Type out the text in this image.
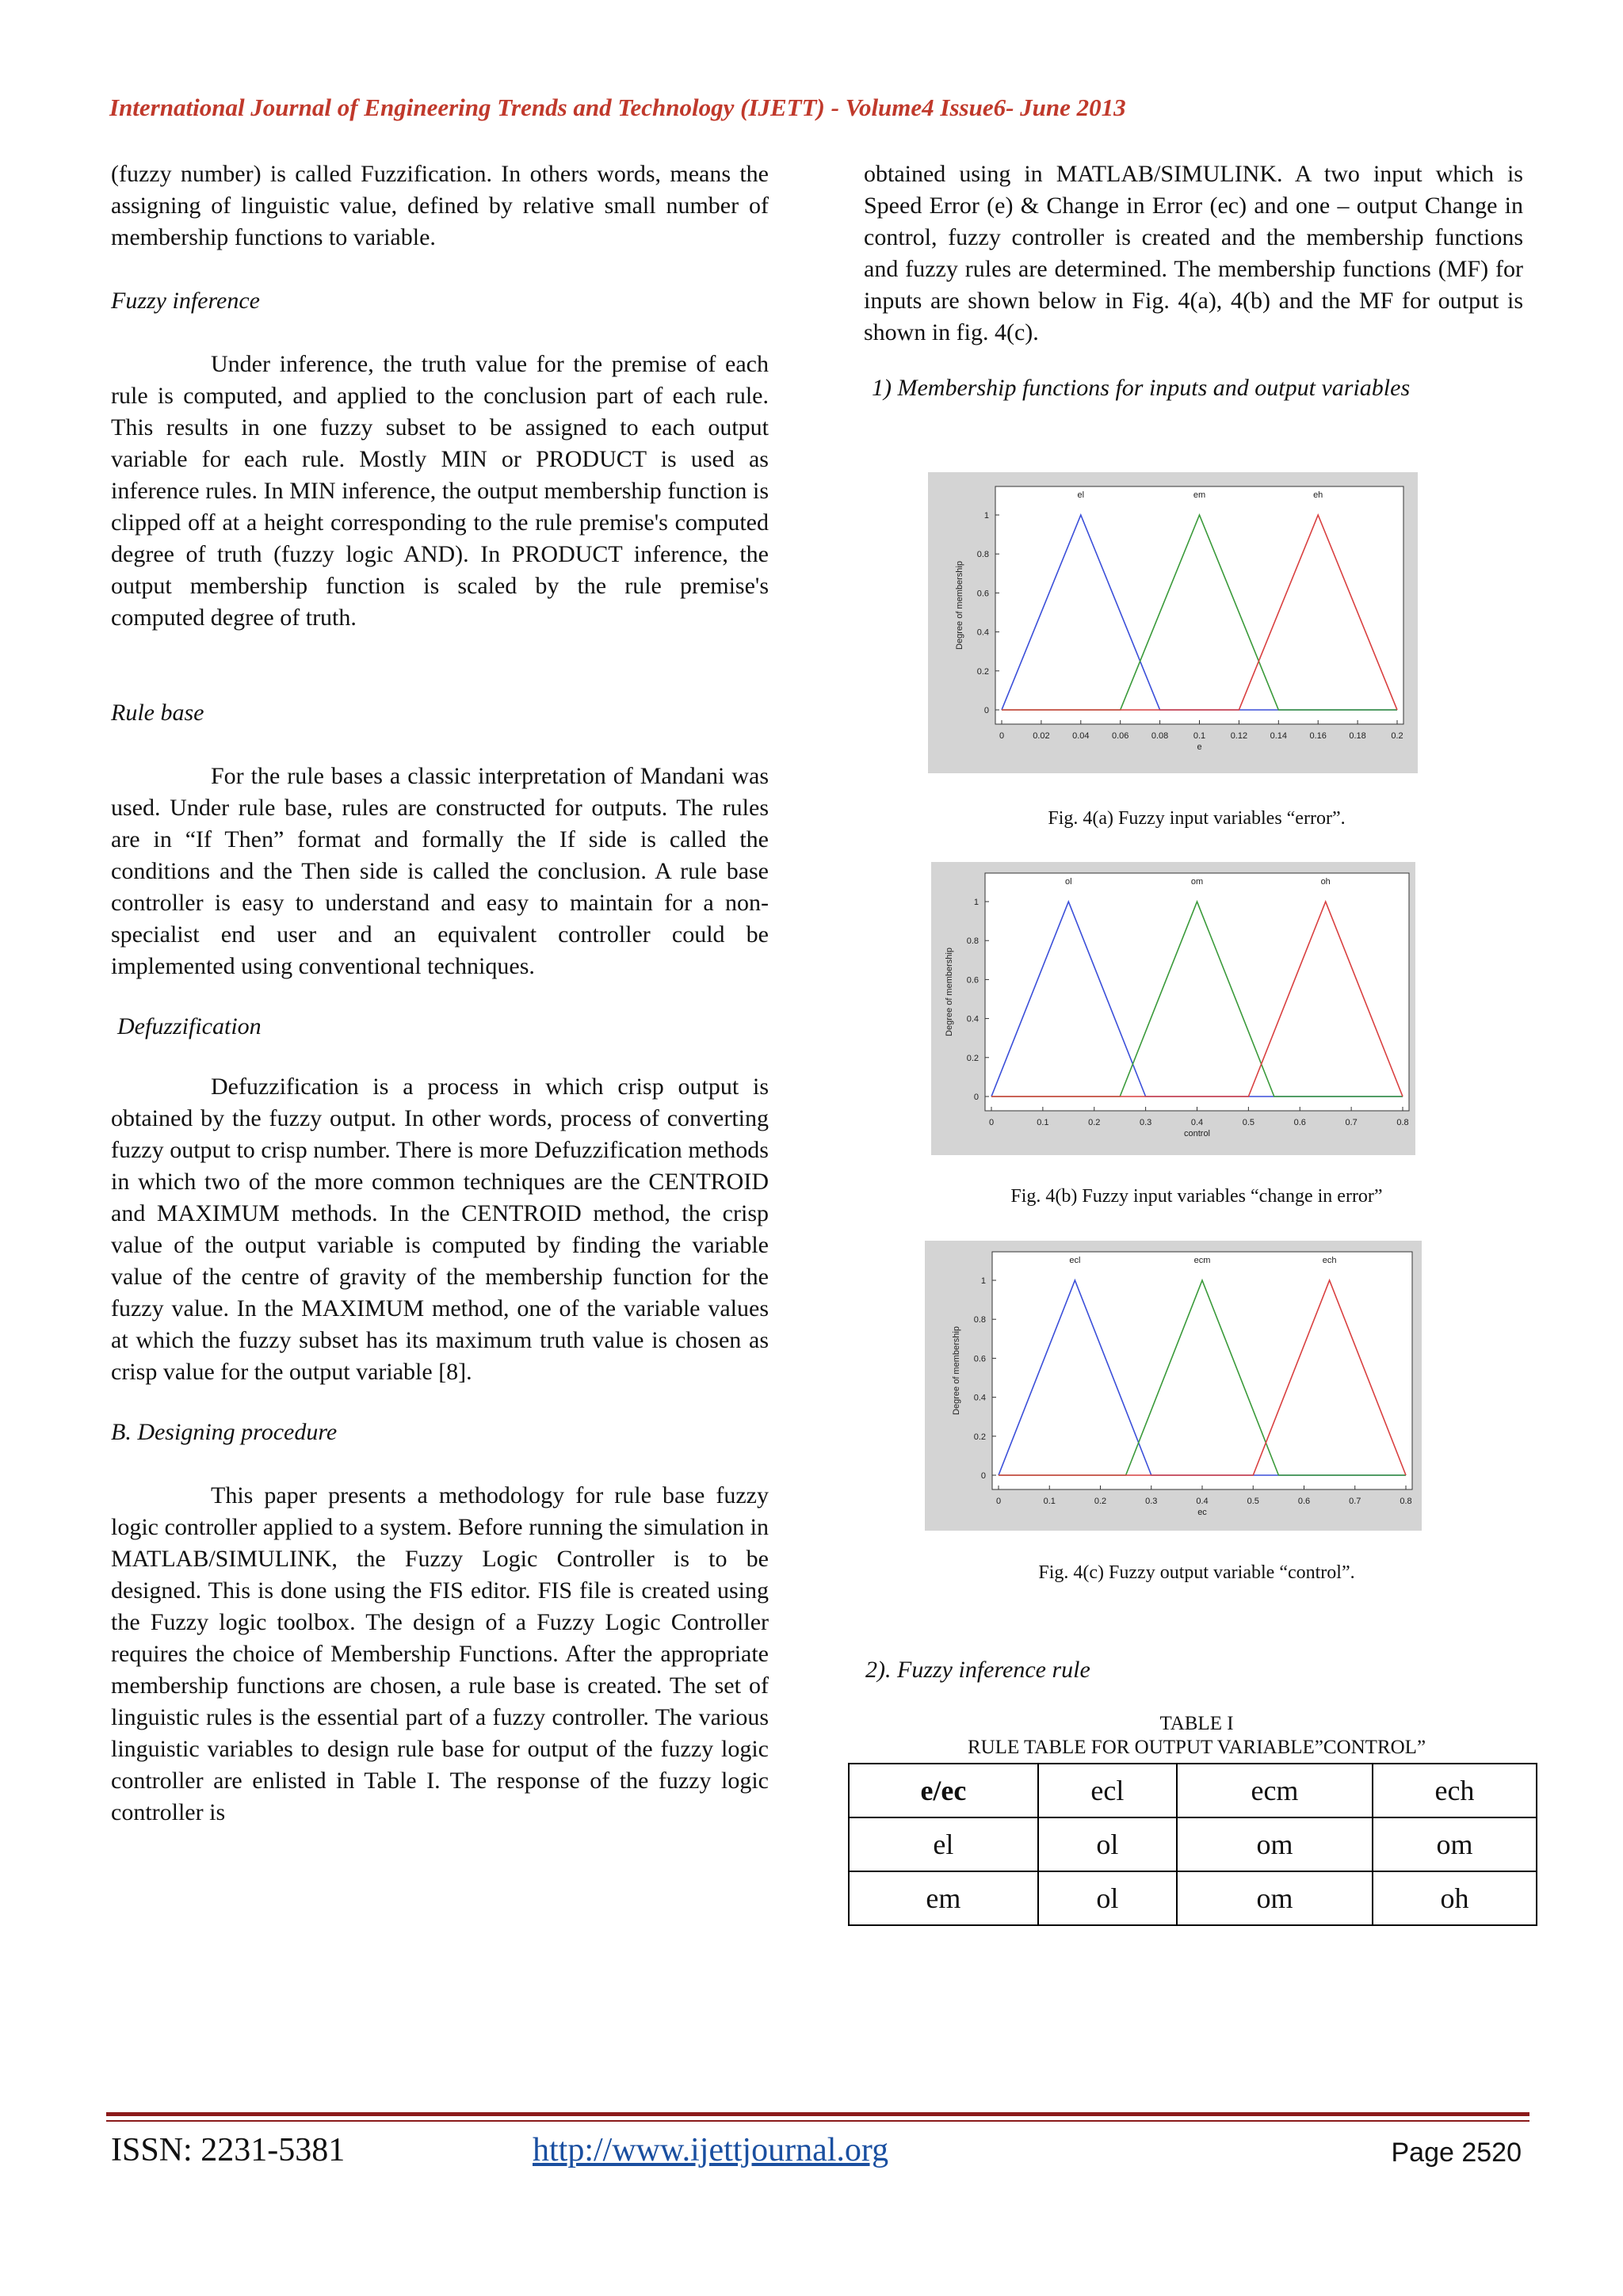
International Journal of Engineering Trends and Technology (IJETT) - Volume4 Issue6- June 2013

(fuzzy number) is called Fuzzification. In others words, means the assigning of linguistic value, defined by relative small number of membership functions to variable.

Fuzzy inference

Under inference, the truth value for the premise of each rule is computed, and applied to the conclusion part of each rule. This results in one fuzzy subset to be assigned to each output variable for each rule. Mostly MIN or PRODUCT is used as inference rules. In MIN inference, the output membership function is clipped off at a height corresponding to the rule premise's computed degree of truth (fuzzy logic AND). In PRODUCT inference, the output membership function is scaled by the rule premise's computed degree of truth.

Rule base

For the rule bases a classic interpretation of Mandani was used. Under rule base, rules are constructed for outputs. The rules are in “If Then” format and formally the If side is called the conditions and the Then side is called the conclusion. A rule base controller is easy to understand and easy to maintain for a non- specialist end user and an equivalent controller could be implemented using conventional techniques.

Defuzzification

Defuzzification is a process in which crisp output is obtained by the fuzzy output. In other words, process of converting fuzzy output to crisp number. There is more Defuzzification methods in which two of the more common techniques are the CENTROID and MAXIMUM methods. In the CENTROID method, the crisp value of the output variable is computed by finding the variable value of the centre of gravity of the membership function for the fuzzy value. In the MAXIMUM method, one of the variable values at which the fuzzy subset has its maximum truth value is chosen as crisp value for the output variable [8].

B. Designing procedure

This paper presents a methodology for rule base fuzzy logic controller applied to a system. Before running the simulation in MATLAB/SIMULINK, the Fuzzy Logic Controller is to be designed. This is done using the FIS editor. FIS file is created using the Fuzzy logic toolbox. The design of a Fuzzy Logic Controller requires the choice of Membership Functions. After the appropriate membership functions are chosen, a rule base is created. The set of linguistic rules is the essential part of a fuzzy controller. The various linguistic variables to design rule base for output of the fuzzy logic controller are enlisted in Table I. The response of the fuzzy logic controller is

obtained using in MATLAB/SIMULINK. A two input which is Speed Error (e) & Change in Error (ec) and one – output Change in control, fuzzy controller is created and the membership functions and fuzzy rules are determined. The membership functions (MF) for inputs are shown below in Fig. 4(a), 4(b) and the MF for output is shown in fig. 4(c).

1) Membership functions for inputs and output variables

0
0.2
0.4
0.6
0.8
1
0	0.02	0.04	0.06	0.08	0.1	0.12	0.14	0.16	0.18	0.2
e
Degree of membership
el	em	eh
Fig. 4(a) Fuzzy input variables “error”.
0
0.2
0.4
0.6
0.8
1
0	0.1	0.2	0.3	0.4	0.5	0.6	0.7	0.8
control
Degree of membership
ol	om	oh
Fig. 4(b) Fuzzy input variables “change in error”
0
0.2
0.4
0.6
0.8
1
0	0.1	0.2	0.3	0.4	0.5	0.6	0.7	0.8
ec
Degree of membership
ecl	ecm	ech
Fig. 4(c) Fuzzy output variable “control”.
2). Fuzzy inference rule
TABLE I
RULE TABLE FOR OUTPUT VARIABLE”CONTROL”
e/ec	ecl	ecm	ech
el	ol	om	om
em	ol	om	oh
ISSN: 2231-5381	http://www.ijettjournal.org	Page 2520
